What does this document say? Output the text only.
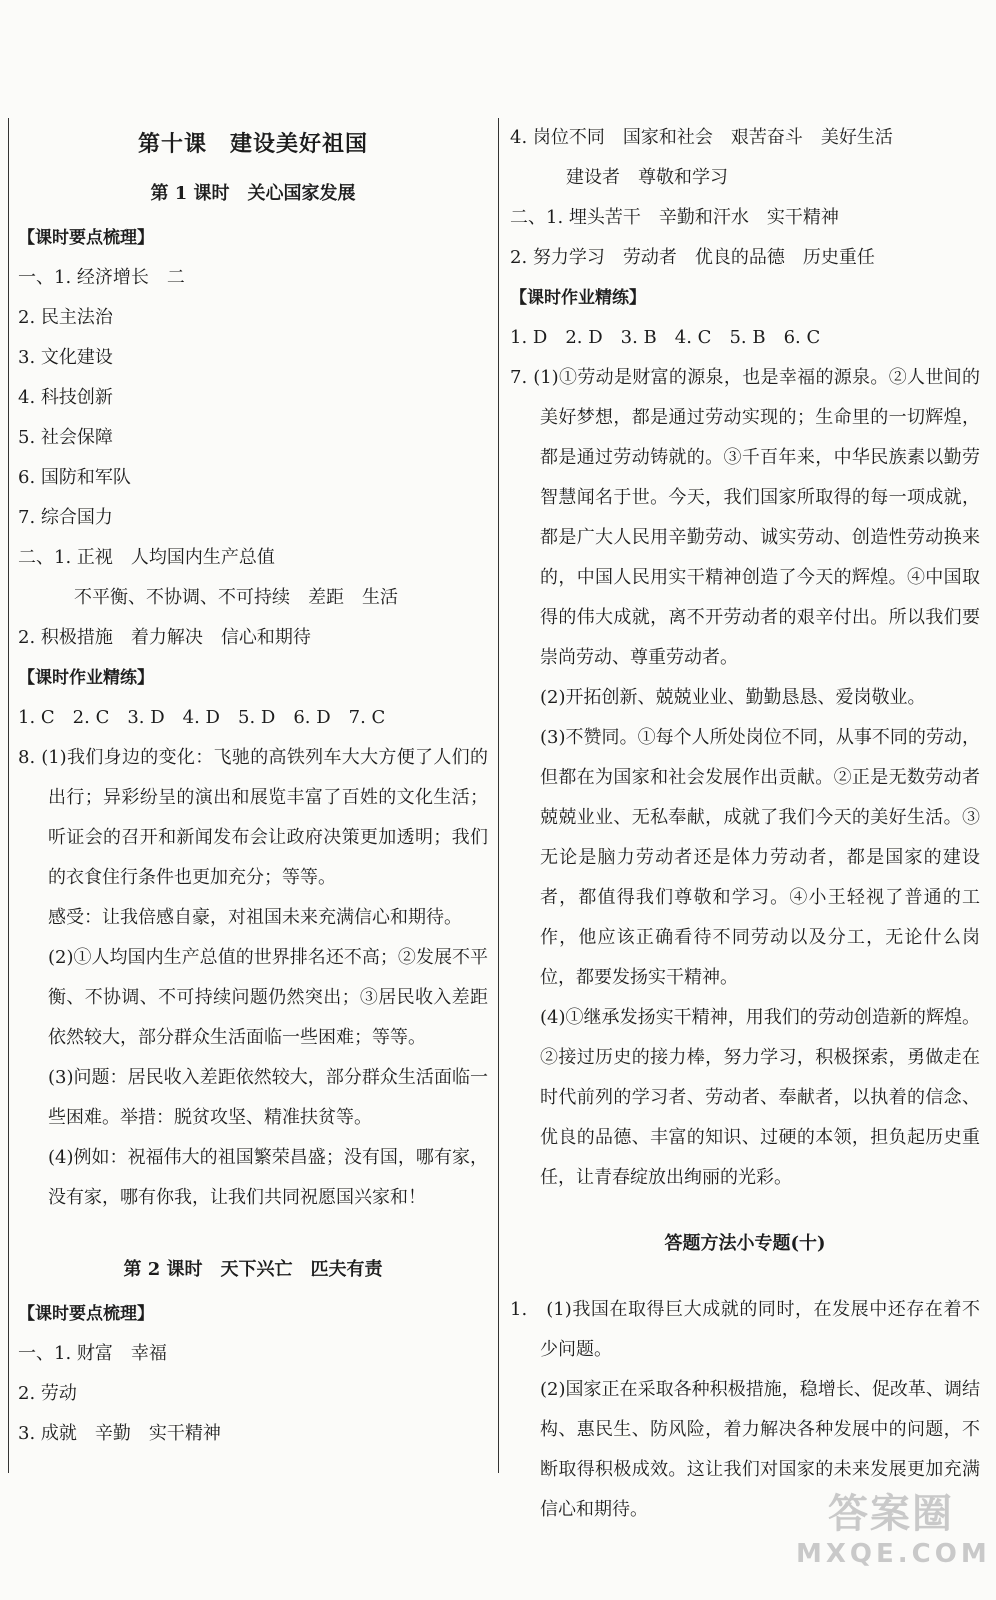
第十课　建设美好祖国
第 1 课时　关心国家发展
【课时要点梳理】
一、1. 经济增长　二
2. 民主法治
3. 文化建设
4. 科技创新
5. 社会保障
6. 国防和军队
7. 综合国力
二、1. 正视　人均国内生产总值
不平衡、不协调、不可持续　差距　生活
2. 积极措施　着力解决　信心和期待
【课时作业精练】
1. C　2. C　3. D　4. D　5. D　6. D　7. C
8. (1)我们身边的变化：飞驰的高铁列车大大方便了人们的出行；异彩纷呈的演出和展览丰富了百姓的文化生活；听证会的召开和新闻发布会让政府决策更加透明；我们的衣食住行条件也更加充分；等等。
感受：让我倍感自豪，对祖国未来充满信心和期待。
(2)①人均国内生产总值的世界排名还不高；②发展不平衡、不协调、不可持续问题仍然突出；③居民收入差距依然较大，部分群众生活面临一些困难；等等。
(3)问题：居民收入差距依然较大，部分群众生活面临一些困难。举措：脱贫攻坚、精准扶贫等。
(4)例如：祝福伟大的祖国繁荣昌盛；没有国，哪有家，没有家，哪有你我，让我们共同祝愿国兴家和！
第 2 课时　天下兴亡　匹夫有责
【课时要点梳理】
一、1. 财富　幸福
2. 劳动
3. 成就　辛勤　实干精神
4. 岗位不同　国家和社会　艰苦奋斗　美好生活
建设者　尊敬和学习
二、1. 埋头苦干　辛勤和汗水　实干精神
2. 努力学习　劳动者　优良的品德　历史重任
【课时作业精练】
1. D　2. D　3. B　4. C　5. B　6. C
7. (1)①劳动是财富的源泉，也是幸福的源泉。②人世间的美好梦想，都是通过劳动实现的；生命里的一切辉煌，都是通过劳动铸就的。③千百年来，中华民族素以勤劳智慧闻名于世。今天，我们国家所取得的每一项成就，都是广大人民用辛勤劳动、诚实劳动、创造性劳动换来的，中国人民用实干精神创造了今天的辉煌。④中国取得的伟大成就，离不开劳动者的艰辛付出。所以我们要崇尚劳动、尊重劳动者。
(2)开拓创新、兢兢业业、勤勤恳恳、爱岗敬业。
(3)不赞同。①每个人所处岗位不同，从事不同的劳动，但都在为国家和社会发展作出贡献。②正是无数劳动者兢兢业业、无私奉献，成就了我们今天的美好生活。③无论是脑力劳动者还是体力劳动者，都是国家的建设者，都值得我们尊敬和学习。④小王轻视了普通的工作，他应该正确看待不同劳动以及分工，无论什么岗位，都要发扬实干精神。
(4)①继承发扬实干精神，用我们的劳动创造新的辉煌。②接过历史的接力棒，努力学习，积极探索，勇做走在时代前列的学习者、劳动者、奉献者，以执着的信念、优良的品德、丰富的知识、过硬的本领，担负起历史重任，让青春绽放出绚丽的光彩。
答题方法小专题(十)
1.　(1)我国在取得巨大成就的同时，在发展中还存在着不少问题。
(2)国家正在采取各种积极措施，稳增长、促改革、调结构、惠民生、防风险，着力解决各种发展中的问题，不断取得积极成效。这让我们对国家的未来发展更加充满信心和期待。	答案圈
MXQE.COM
